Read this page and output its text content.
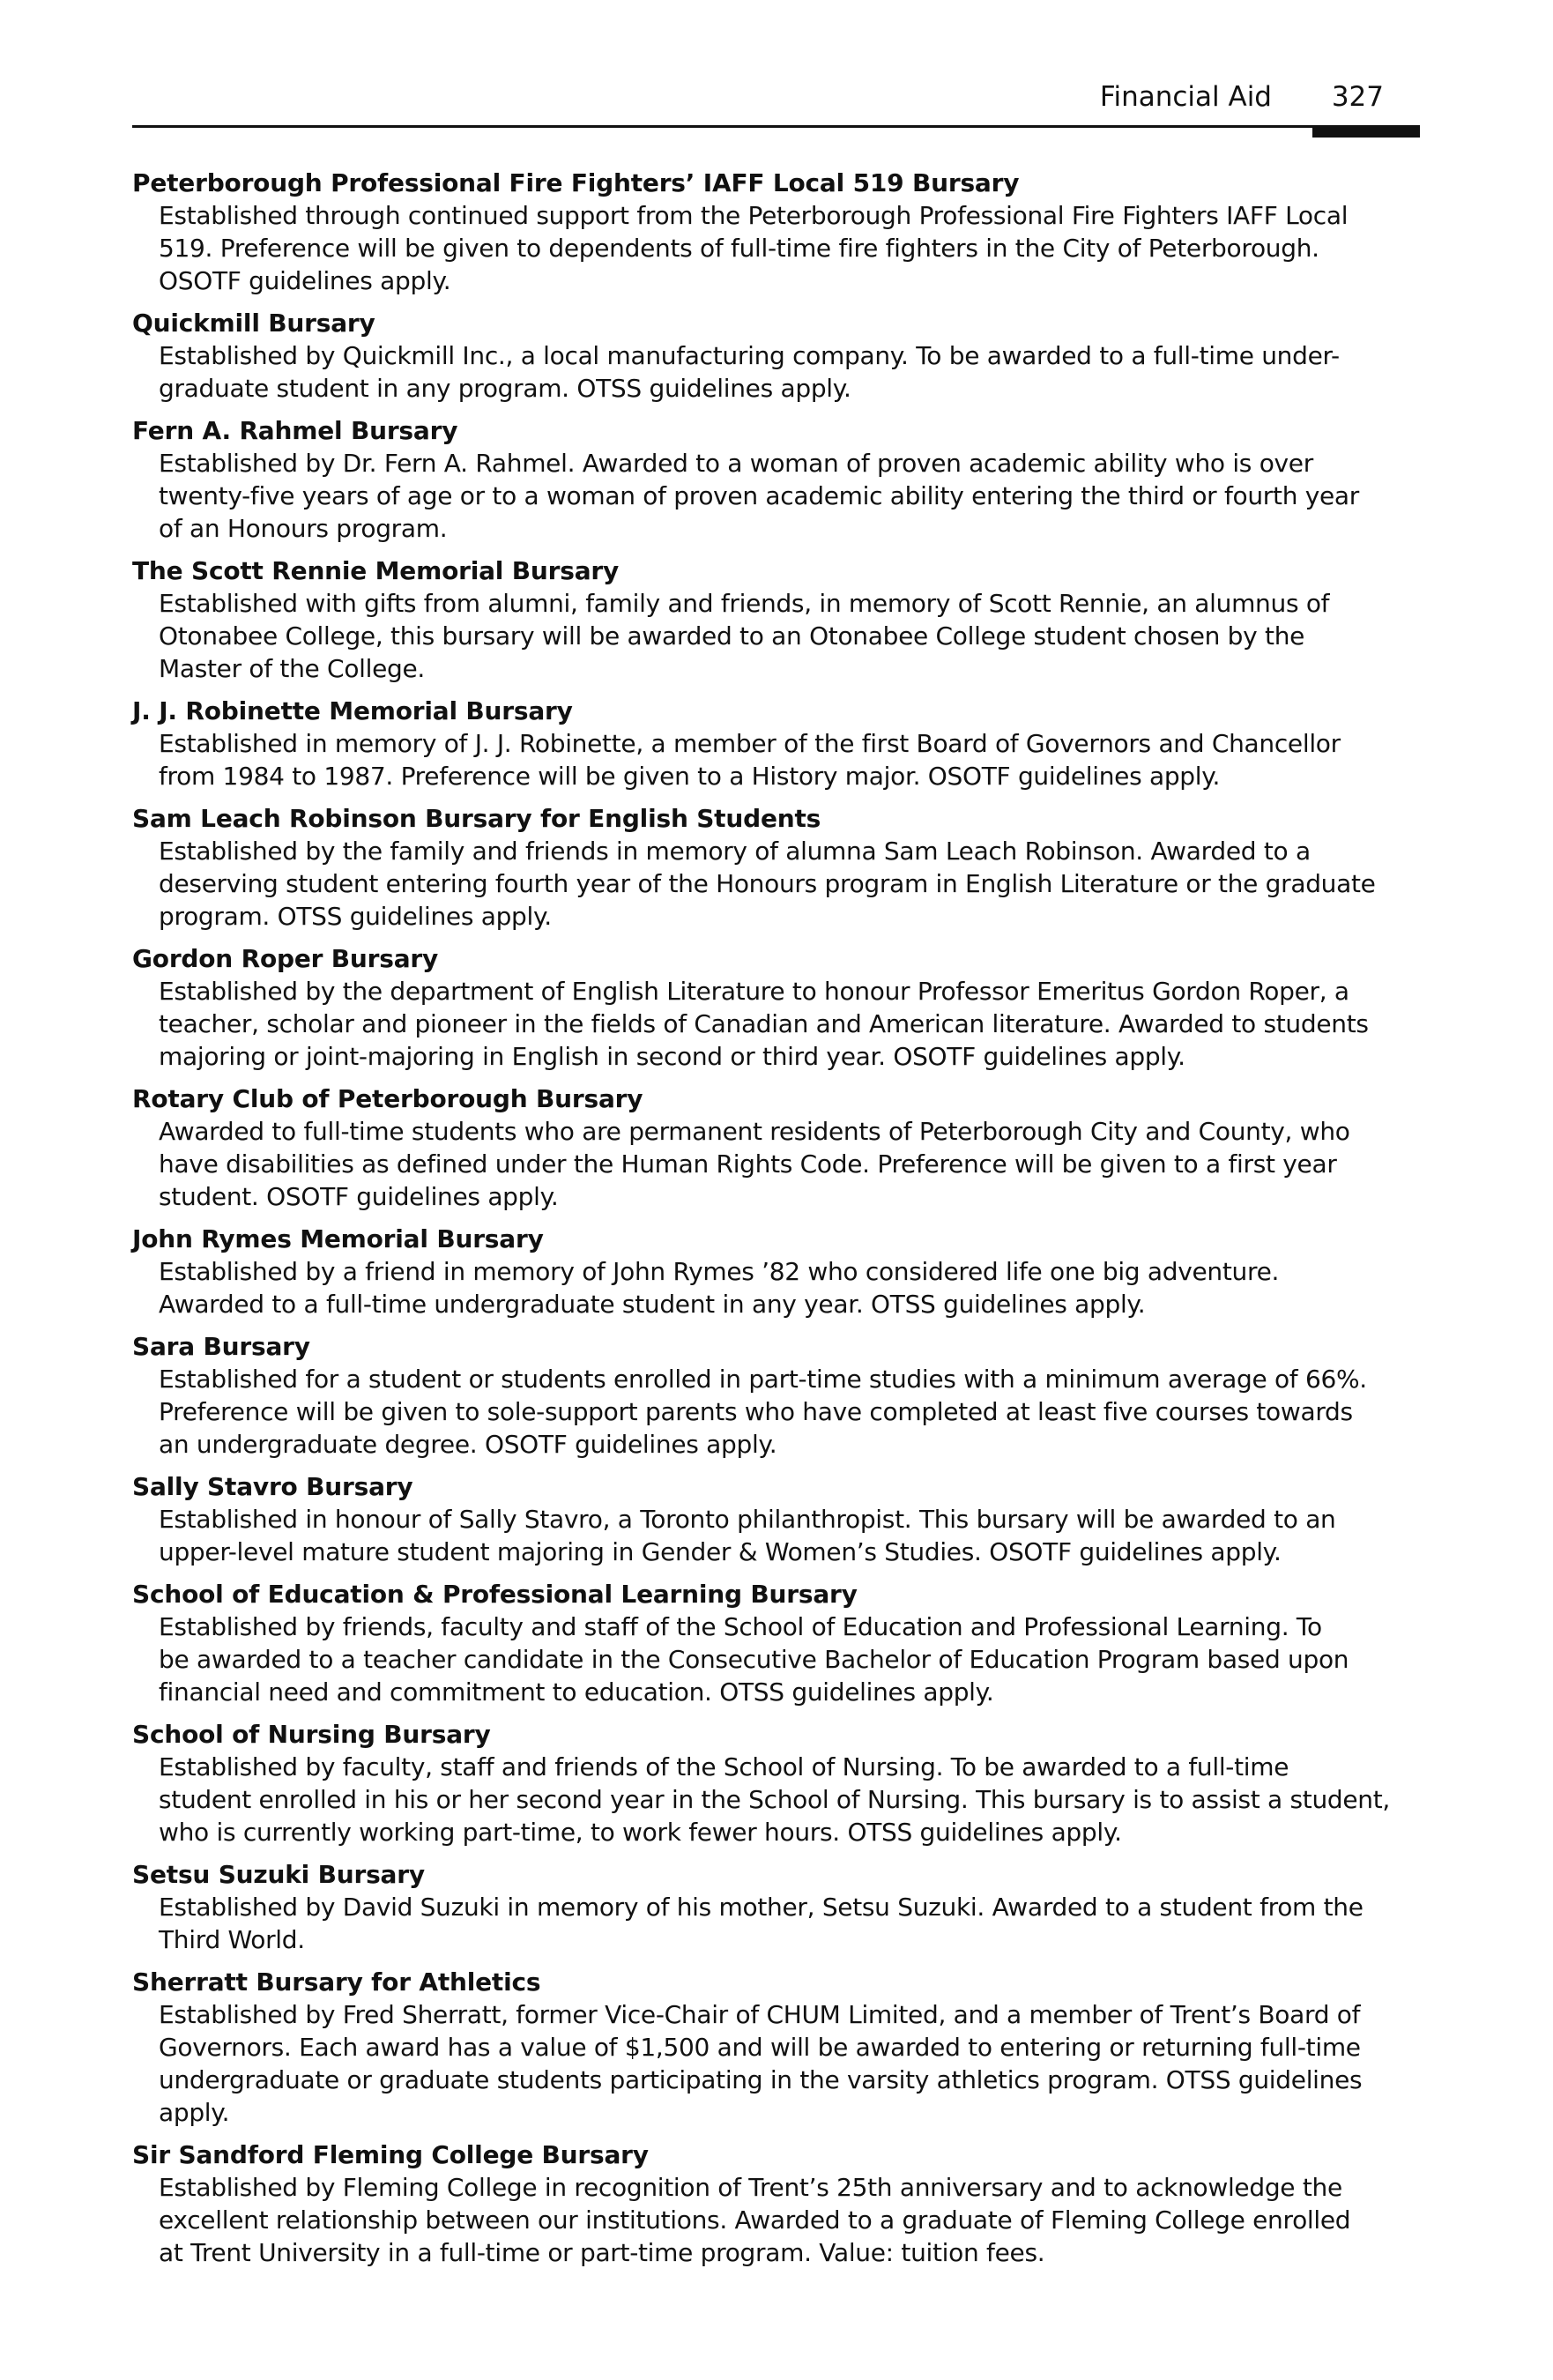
Financial Aid 327
Peterborough Professional Fire Fighters’ IAFF Local 519 Bursary
Established through continued support from the Peterborough Professional Fire Fighters IAFF Local
519. Preference will be given to dependents of full-time fire fighters in the City of Peterborough.
OSOTF guidelines apply.
Quickmill Bursary
Established by Quickmill Inc., a local manufacturing company. To be awarded to a full-time under-
graduate student in any program. OTSS guidelines apply.
Fern A. Rahmel Bursary
Established by Dr. Fern A. Rahmel. Awarded to a woman of proven academic ability who is over
twenty-five years of age or to a woman of proven academic ability entering the third or fourth year
of an Honours program.
The Scott Rennie Memorial Bursary
Established with gifts from alumni, family and friends, in memory of Scott Rennie, an alumnus of
Otonabee College, this bursary will be awarded to an Otonabee College student chosen by the
Master of the College.
J. J. Robinette Memorial Bursary
Established in memory of J. J. Robinette, a member of the first Board of Governors and Chancellor
from 1984 to 1987. Preference will be given to a History major. OSOTF guidelines apply.
Sam Leach Robinson Bursary for English Students
Established by the family and friends in memory of alumna Sam Leach Robinson. Awarded to a
deserving student entering fourth year of the Honours program in English Literature or the graduate
program. OTSS guidelines apply.
Gordon Roper Bursary
Established by the department of English Literature to honour Professor Emeritus Gordon Roper, a
teacher, scholar and pioneer in the fields of Canadian and American literature. Awarded to students
majoring or joint-majoring in English in second or third year. OSOTF guidelines apply.
Rotary Club of Peterborough Bursary
Awarded to full-time students who are permanent residents of Peterborough City and County, who
have disabilities as defined under the Human Rights Code. Preference will be given to a first year
student. OSOTF guidelines apply.
John Rymes Memorial Bursary
Established by a friend in memory of John Rymes ’82 who considered life one big adventure.
Awarded to a full-time undergraduate student in any year. OTSS guidelines apply.
Sara Bursary
Established for a student or students enrolled in part-time studies with a minimum average of 66%.
Preference will be given to sole-support parents who have completed at least five courses towards
an undergraduate degree. OSOTF guidelines apply.
Sally Stavro Bursary
Established in honour of Sally Stavro, a Toronto philanthropist. This bursary will be awarded to an
upper-level mature student majoring in Gender & Women’s Studies. OSOTF guidelines apply.
School of Education & Professional Learning Bursary
Established by friends, faculty and staff of the School of Education and Professional Learning. To
be awarded to a teacher candidate in the Consecutive Bachelor of Education Program based upon
financial need and commitment to education. OTSS guidelines apply.
School of Nursing Bursary
Established by faculty, staff and friends of the School of Nursing. To be awarded to a full-time
student enrolled in his or her second year in the School of Nursing. This bursary is to assist a student,
who is currently working part-time, to work fewer hours. OTSS guidelines apply.
Setsu Suzuki Bursary
Established by David Suzuki in memory of his mother, Setsu Suzuki. Awarded to a student from the
Third World.
Sherratt Bursary for Athletics
Established by Fred Sherratt, former Vice-Chair of CHUM Limited, and a member of Trent’s Board of
Governors. Each award has a value of $1,500 and will be awarded to entering or returning full-time
undergraduate or graduate students participating in the varsity athletics program. OTSS guidelines
apply.
Sir Sandford Fleming College Bursary
Established by Fleming College in recognition of Trent’s 25th anniversary and to acknowledge the
excellent relationship between our institutions. Awarded to a graduate of Fleming College enrolled
at Trent University in a full-time or part-time program. Value: tuition fees.
